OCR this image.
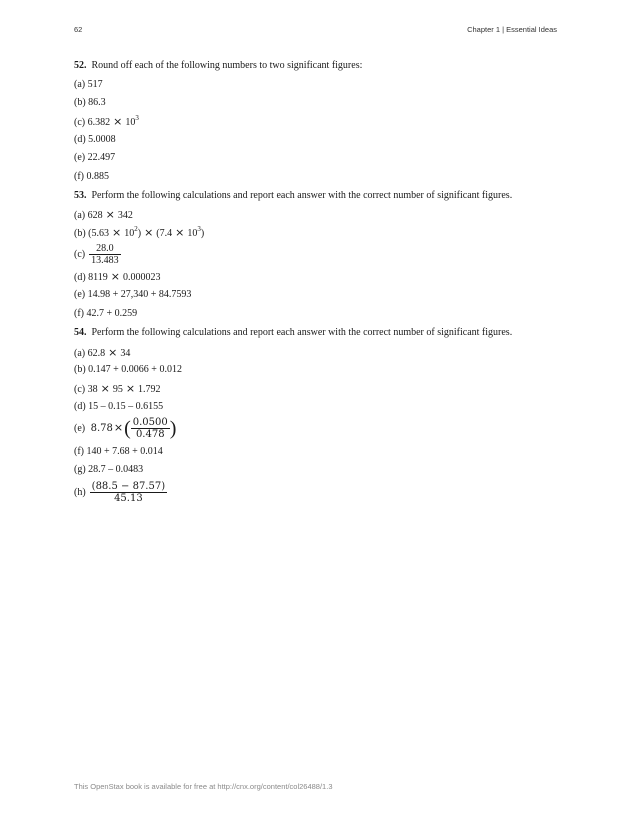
62	Chapter 1 | Essential Ideas
52. Round off each of the following numbers to two significant figures:
(a) 517
(b) 86.3
(c) $6.382 \times 10^3$
(d) 5.0008
(e) 22.497
(f) 0.885
53. Perform the following calculations and report each answer with the correct number of significant figures.
(a) 628 × 342
(b) $(5.63 \times 10^2) \times (7.4 \times 10^3)$
$(c) \frac{28.0}{13.483}$
(d) 8119 × 0.000023
(e) 14.98 + 27,340 + 84.7593
(f) 42.7 + 0.259
54. Perform the following calculations and report each answer with the correct number of significant figures.
(a) 62.8 × 34
(b) 0.147 + 0.0066 + 0.012
(c) 38 × 95 × 1.792
(d) 15 – 0.15 – 0.6155
(e) $8.78\times( \frac{0.0500}{0.478}$ )
(f) 140 + 7.68 + 0.014
(g) 28.7 – 0.0483
$(h) \frac{(88.5 - 87.57)}{45.13}$
This OpenStax book is available for free at http://cnx.org/content/col26488/1.3
